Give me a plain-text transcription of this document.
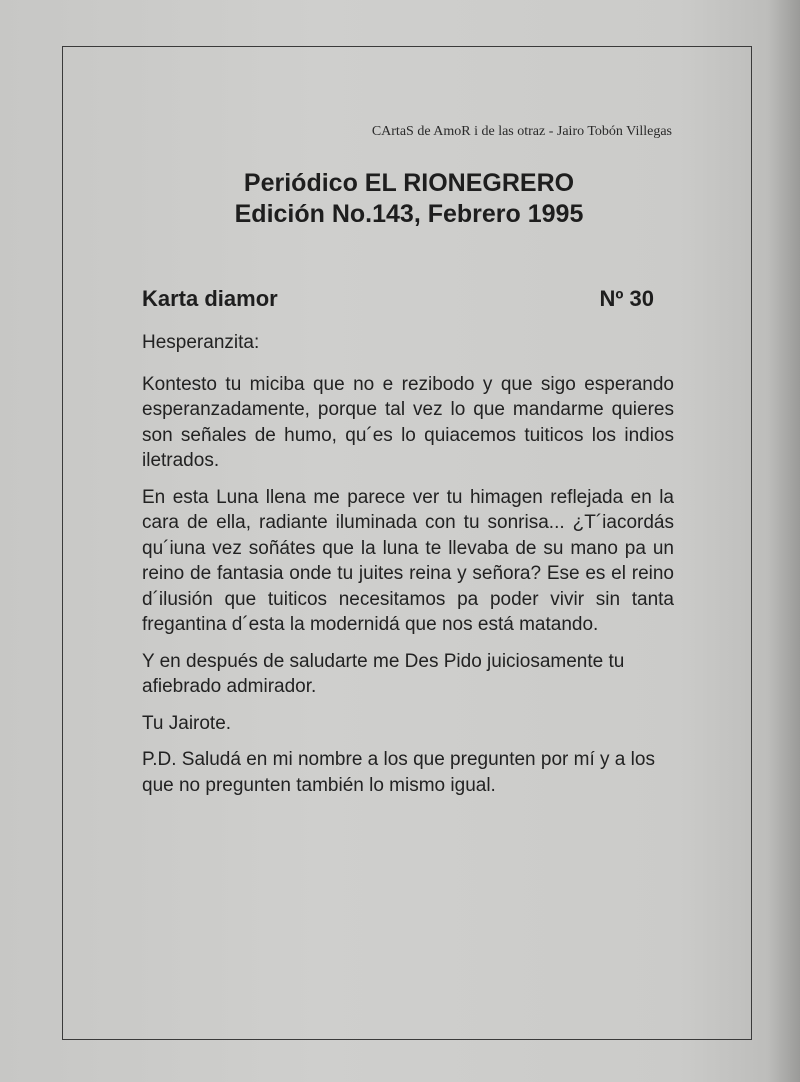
CArtaS de AmoR i de las otraz - Jairo Tobón Villegas
Periódico EL RIONEGRERO
Edición No.143, Febrero 1995
Karta diamor	Nº 30

Hesperanzita:

Kontesto tu miciba que no e rezibodo y que sigo esperando esperanzadamente, porque tal vez lo que mandarme quieres son señales de humo, qu´es lo quiacemos tuiticos los indios iletrados.

En esta Luna llena me parece ver tu himagen reflejada en la cara de ella, radiante iluminada con tu sonrisa... ¿T´iacordás qu´iuna vez soñátes que la luna te llevaba de su mano pa un reino de fantasia onde tu juites reina y señora? Ese es el reino d´ilusión que tuiticos necesitamos pa poder vivir sin tanta fregantina d´esta la modernidá que nos está matando.

Y en después de saludarte me Des Pido juiciosamente tu afiebrado admirador.

Tu Jairote.

P.D. Saludá en mi nombre a los que pregunten por mí y a los que no pregunten también lo mismo igual.
